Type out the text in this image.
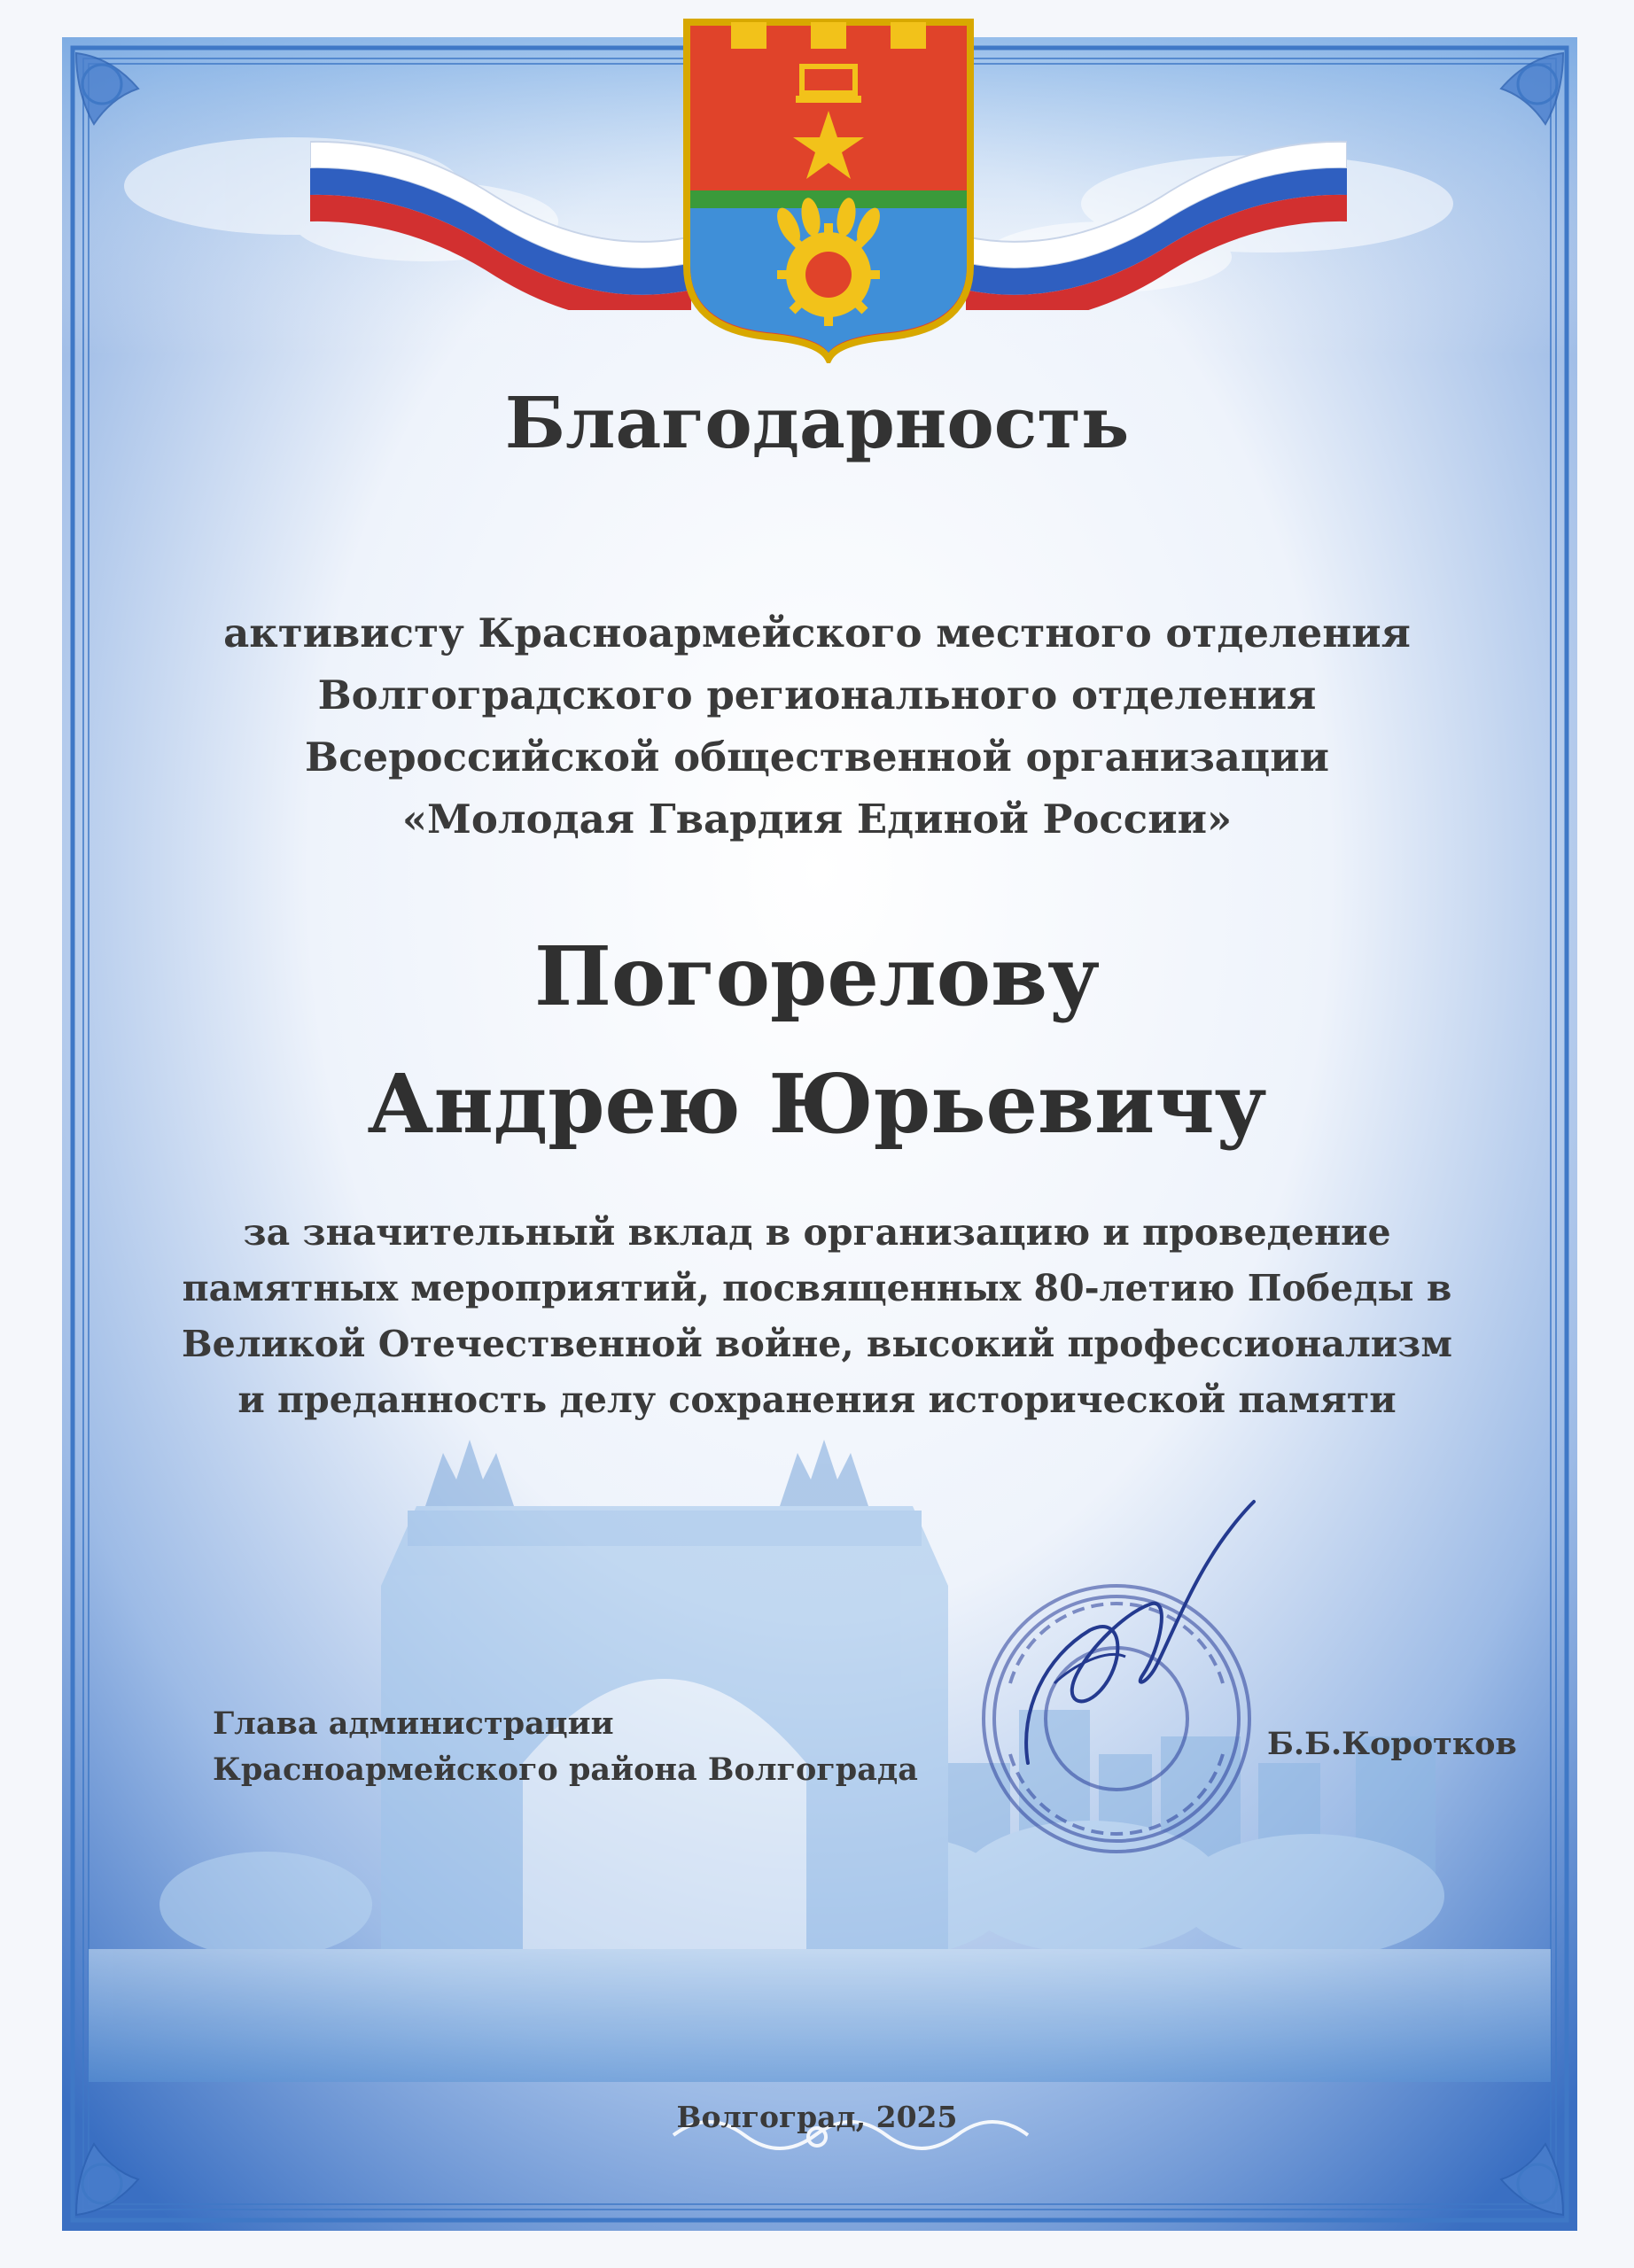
Благодарность
активисту Красноармейского местного отделения
Волгоградского регионального отделения
Всероссийской общественной организации
«Молодая Гвардия Единой России»
Погорелову
Андрею Юрьевичу
за значительный вклад в организацию и проведение
памятных мероприятий, посвященных 80-летию Победы в
Великой Отечественной войне, высокий профессионализм
и преданность делу сохранения исторической памяти
Глава администрации
Красноармейского района Волгограда
Б.Б.Коротков
Волгоград, 2025
